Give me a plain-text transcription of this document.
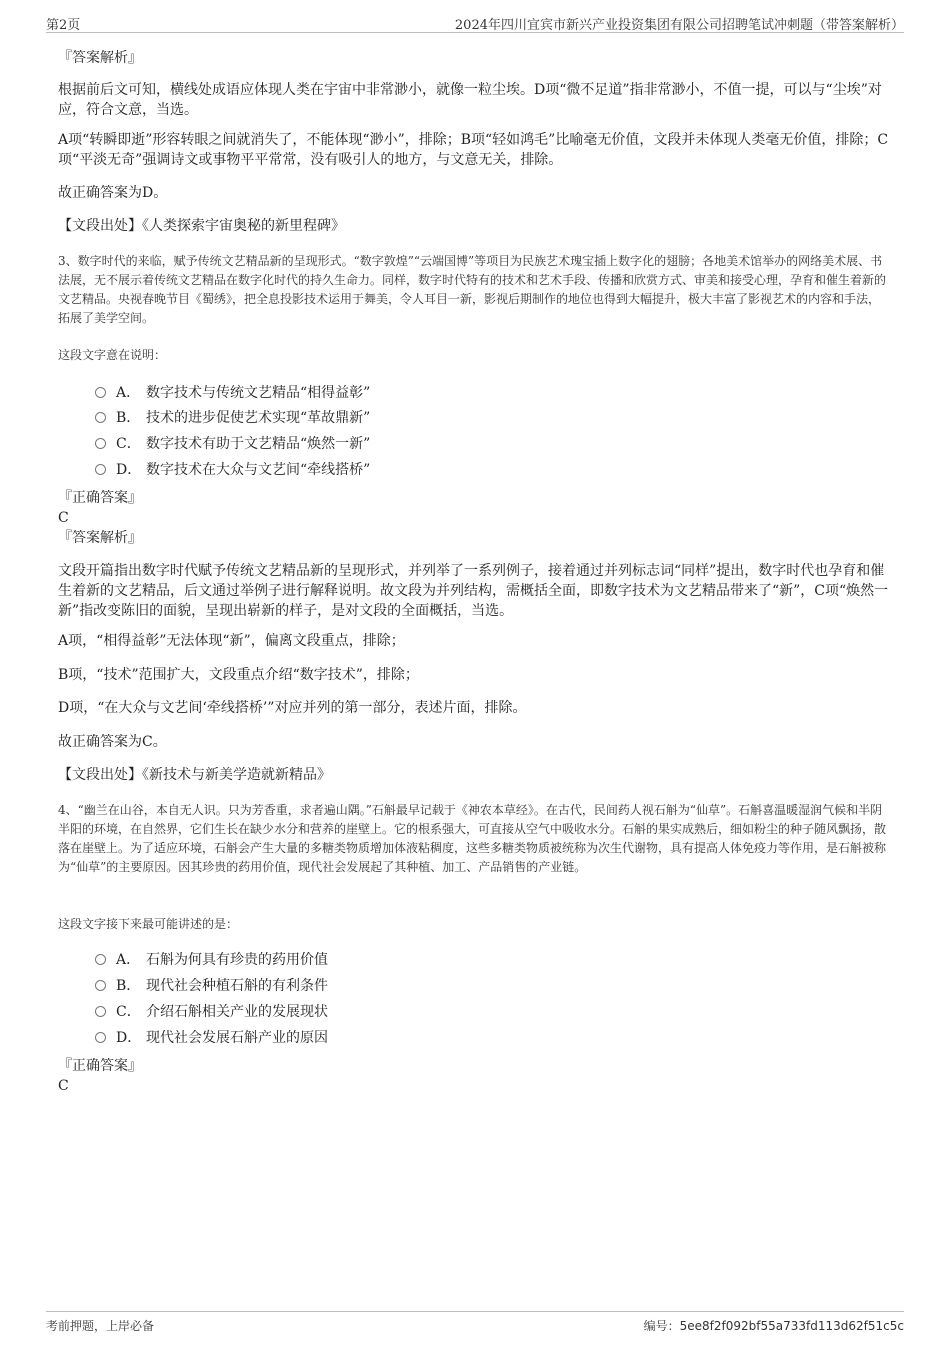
第2页	2024年四川宜宾市新兴产业投资集团有限公司招聘笔试冲刺题（带答案解析）
『答案解析』
根据前后文可知，横线处成语应体现人类在宇宙中非常渺小，就像一粒尘埃。D项“微不足道”指非常渺小，不值一提，可以与“尘埃”对应，符合文意，当选。
A项“转瞬即逝”形容转眼之间就消失了，不能体现“渺小”，排除；B项“轻如鸿毛”比喻毫无价值，文段并未体现人类毫无价值，排除；C项“平淡无奇”强调诗文或事物平平常常，没有吸引人的地方，与文意无关，排除。
故正确答案为D。
【文段出处】《人类探索宇宙奥秘的新里程碑》
3、数字时代的来临，赋予传统文艺精品新的呈现形式。“数字敦煌”“云端国博”等项目为民族艺术瑰宝插上数字化的翅膀；各地美术馆举办的网络美术展、书法展，无不展示着传统文艺精品在数字化时代的持久生命力。同样，数字时代特有的技术和艺术手段、传播和欣赏方式、审美和接受心理，孕育和催生着新的文艺精品。央视春晚节目《蜀绣》，把全息投影技术运用于舞美，令人耳目一新，影视后期制作的地位也得到大幅提升，极大丰富了影视艺术的内容和手法，拓展了美学空间。
这段文字意在说明：
A． 数字技术与传统文艺精品“相得益彰”
B． 技术的进步促使艺术实现“革故鼎新”
C． 数字技术有助于文艺精品“焕然一新”
D． 数字技术在大众与文艺间“牵线搭桥”
『正确答案』
C
『答案解析』
文段开篇指出数字时代赋予传统文艺精品新的呈现形式，并列举了一系列例子，接着通过并列标志词“同样”提出，数字时代也孕育和催生着新的文艺精品，后文通过举例子进行解释说明。故文段为并列结构，需概括全面，即数字技术为文艺精品带来了“新”，C项“焕然一新”指改变陈旧的面貌，呈现出崭新的样子，是对文段的全面概括，当选。
A项，“相得益彰”无法体现“新”，偏离文段重点，排除；
B项，“技术”范围扩大，文段重点介绍“数字技术”，排除；
D项，“在大众与文艺间‘牵线搭桥’”对应并列的第一部分，表述片面，排除。
故正确答案为C。
【文段出处】《新技术与新美学造就新精品》
4、“幽兰在山谷，本自无人识。只为芳香重，求者遍山隅。”石斛最早记载于《神农本草经》。在古代，民间药人视石斛为“仙草”。石斛喜温暖湿润气候和半阴半阳的环境，在自然界，它们生长在缺少水分和营养的崖壁上。它的根系强大，可直接从空气中吸收水分。石斛的果实成熟后，细如粉尘的种子随风飘扬，散落在崖壁上。为了适应环境，石斛会产生大量的多糖类物质增加体液粘稠度，这些多糖类物质被统称为次生代谢物，具有提高人体免疫力等作用，是石斛被称为“仙草”的主要原因。因其珍贵的药用价值，现代社会发展起了其种植、加工、产品销售的产业链。
这段文字接下来最可能讲述的是：
A． 石斛为何具有珍贵的药用价值
B． 现代社会种植石斛的有利条件
C． 介绍石斛相关产业的发展现状
D． 现代社会发展石斛产业的原因
『正确答案』
C
考前押题，上岸必备	编号：5ee8f2f092bf55a733fd113d62f51c5c
